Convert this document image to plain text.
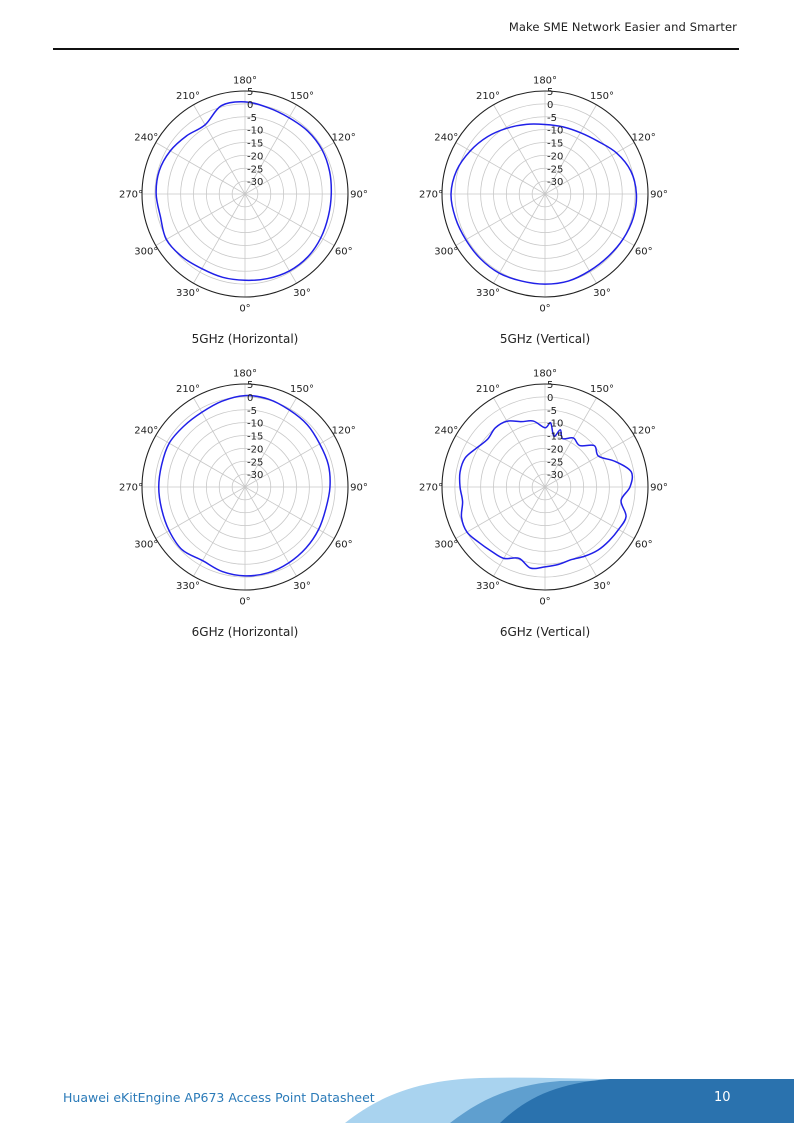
Make SME Network Easier and Smarter
5
0
-5
-10
-15
-20
-25
-30
0°
30°
60°
90°
120°
150°
180°
210°
240°
270°
300°
330°
5GHz (Horizontal)
5
0
-5
-10
-15
-20
-25
-30
0°
30°
60°
90°
120°
150°
180°
210°
240°
270°
300°
330°
5GHz (Vertical)
5
0
-5
-10
-15
-20
-25
-30
0°
30°
60°
90°
120°
150°
180°
210°
240°
270°
300°
330°
6GHz (Horizontal)
5
0
-5
-10
-15
-20
-25
-30
0°
30°
60°
90°
120°
150°
180°
210°
240°
270°
300°
330°
6GHz (Vertical)
Huawei eKitEngine AP673 Access Point Datasheet	10
